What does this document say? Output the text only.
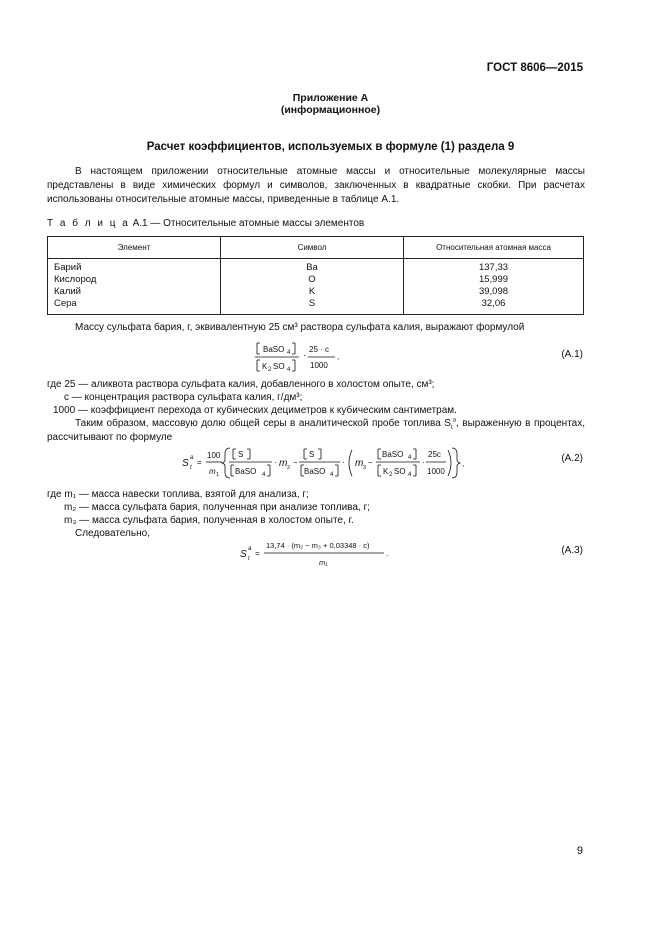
ГОСТ 8606—2015
Приложение А
(информационное)
Расчет коэффициентов, используемых в формуле (1) раздела 9
В настоящем приложении относительные атомные массы и относительные молекулярные массы представлены в виде химических формул и символов, заключенных в квадратные скобки. При расчетах использованы относительные атомные массы, приведенные в таблице А.1.
Т а б л и ц а А.1 — Относительные атомные массы элементов
Элемент	Символ	Относительная атомная масса
Барий	Ba	137,33
Кислород	O	15,999
Калий	K	39,098
Сера	S	32,06
Массу сульфата бария, г, эквивалентную 25 см³ раствора сульфата калия, выражают формулой
BaSO 4
K 2 SO 4
·
25 · c
1000
,	(А.1)
где 25 — аликвота раствора сульфата калия, добавленного в холостом опыте, см³;
c — концентрация раствора сульфата калия, г/дм³;
1000 — коэффициент перехода от кубических дециметров к кубическим сантиметрам.
Таким образом, массовую долю общей серы в аналитической пробе топлива $S_t^a$, выраженную в процентах, рассчитывают по формуле
S t
a =
100
m 1
S
BaSO 4
· m 2
−
S
BaSO 4
· m 3
−
BaSO 4
K 2 SO 4
·
25c
1000
,	(А.2)
где m₁ — масса навески топлива, взятой для анализа, г;
m₂ — масса сульфата бария, полученная при анализе топлива, г;
m₃ — масса сульфата бария, полученная в холостом опыте, г.
Следовательно,
S t
a =
13,74 · (m₂ − m₃ + 0,03348 · c)
m₁
.	(А.3)
9
